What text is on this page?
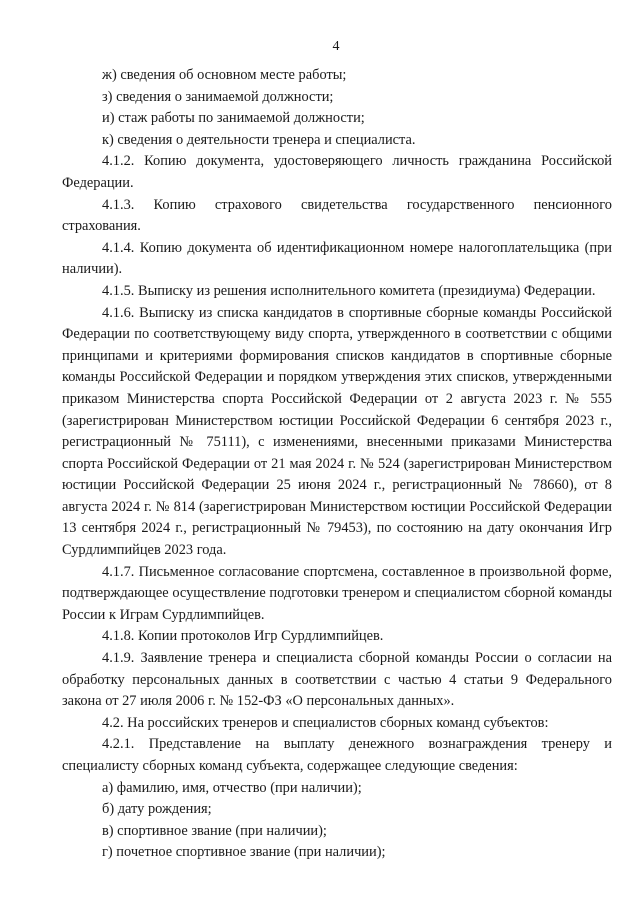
4

ж) сведения об основном месте работы;

з) сведения о занимаемой должности;

и) стаж работы по занимаемой должности;

к) сведения о деятельности тренера и специалиста.

4.1.2. Копию документа, удостоверяющего личность гражданина Российской Федерации.

4.1.3. Копию страхового свидетельства государственного пенсионного страхования.

4.1.4. Копию документа об идентификационном номере налогоплательщика (при наличии).

4.1.5. Выписку из решения исполнительного комитета (президиума) Федерации.

4.1.6. Выписку из списка кандидатов в спортивные сборные команды Российской Федерации по соответствующему виду спорта, утвержденного в соответствии с общими принципами и критериями формирования списков кандидатов в спортивные сборные команды Российской Федерации и порядком утверждения этих списков, утвержденными приказом Министерства спорта Российской Федерации от 2 августа 2023 г. № 555 (зарегистрирован Министерством юстиции Российской Федерации 6 сентября 2023 г., регистрационный № 75111), с изменениями, внесенными приказами Министерства спорта Российской Федерации от 21 мая 2024 г. № 524 (зарегистрирован Министерством юстиции Российской Федерации 25 июня 2024 г., регистрационный № 78660), от 8 августа 2024 г. № 814 (зарегистрирован Министерством юстиции Российской Федерации 13 сентября 2024 г., регистрационный № 79453), по состоянию на дату окончания Игр Сурдлимпийцев 2023 года.

4.1.7. Письменное согласование спортсмена, составленное в произвольной форме, подтверждающее осуществление подготовки тренером и специалистом сборной команды России к Играм Сурдлимпийцев.

4.1.8. Копии протоколов Игр Сурдлимпийцев.

4.1.9. Заявление тренера и специалиста сборной команды России о согласии на обработку персональных данных в соответствии с частью 4 статьи 9 Федерального закона от 27 июля 2006 г. № 152-ФЗ «О персональных данных».

4.2. На российских тренеров и специалистов сборных команд субъектов:

4.2.1. Представление на выплату денежного вознаграждения тренеру и специалисту сборных команд субъекта, содержащее следующие сведения:

а) фамилию, имя, отчество (при наличии);

б) дату рождения;

в) спортивное звание (при наличии);

г) почетное спортивное звание (при наличии);
